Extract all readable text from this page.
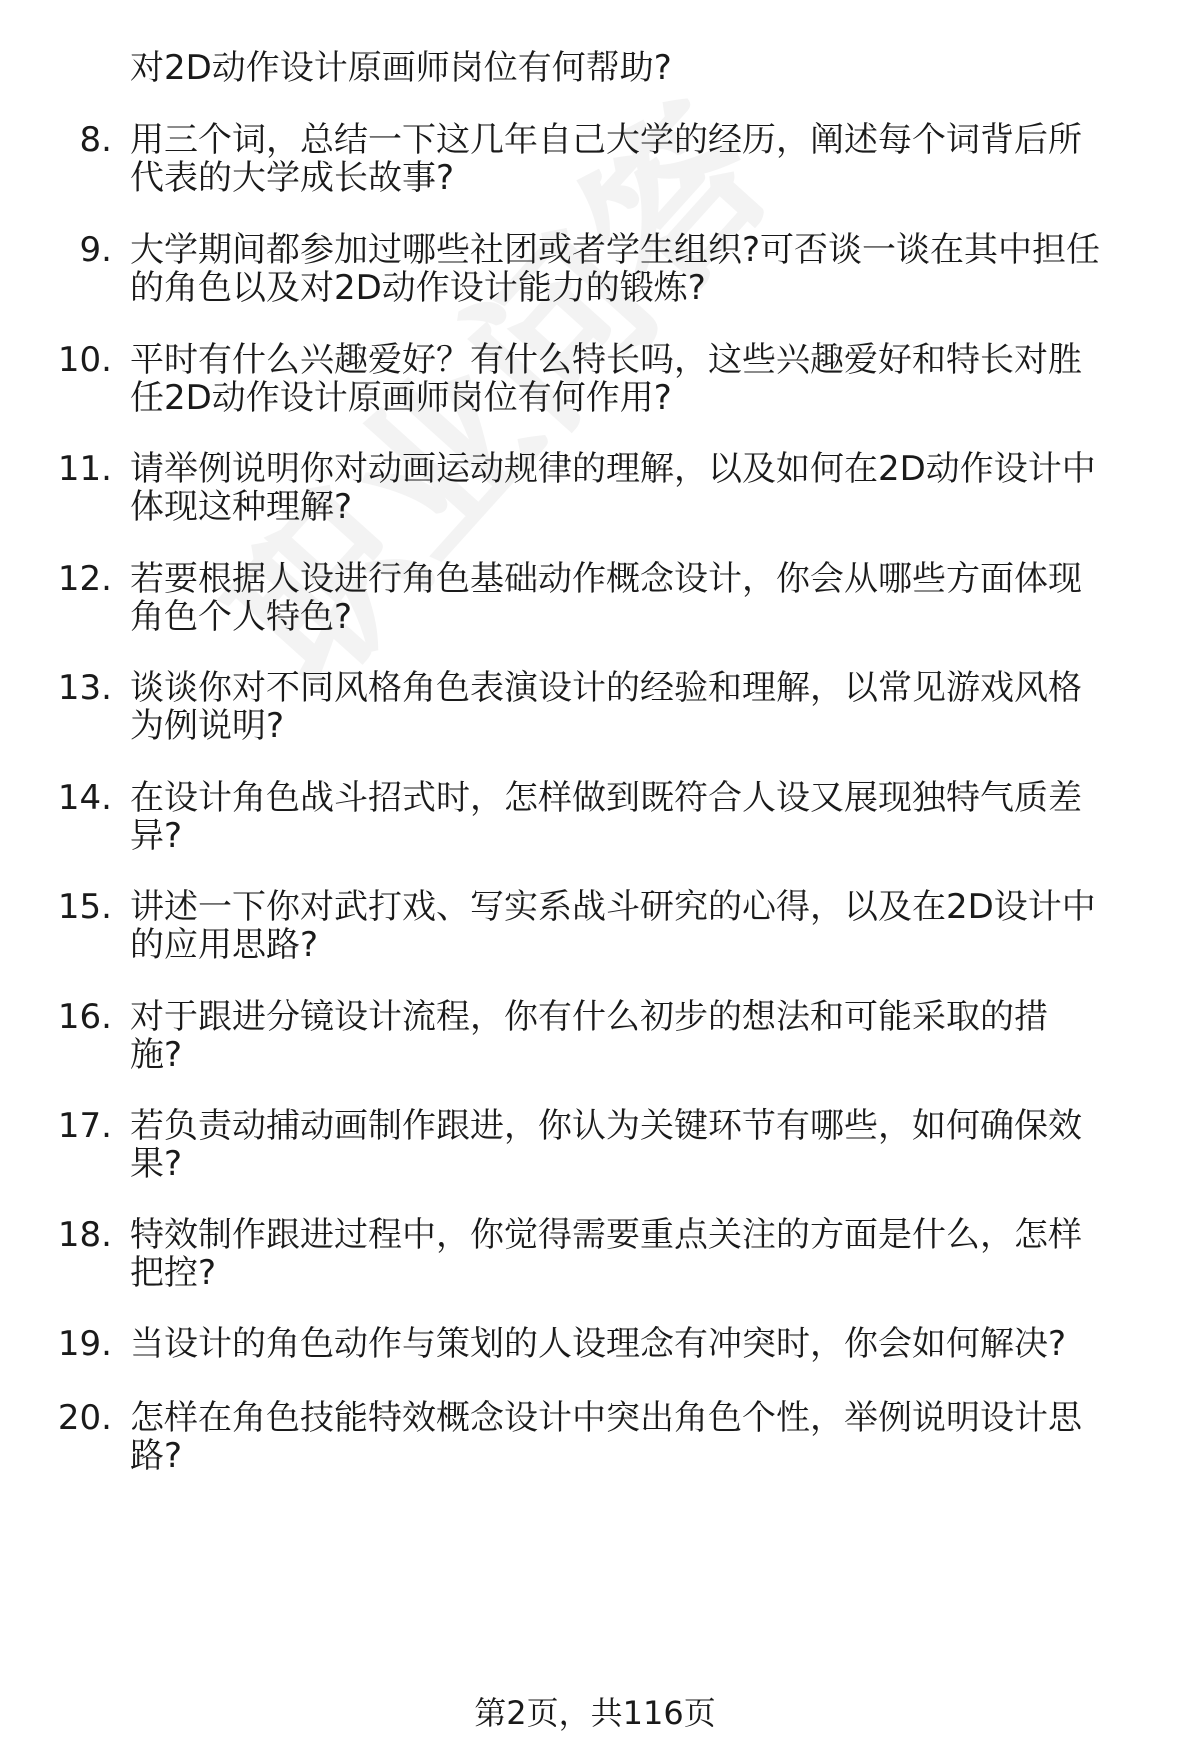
对2D动作设计原画师岗位有何帮助?
8. 用三个词，总结一下这几年自己大学的经历，阐述每个词背后所
代表的大学成长故事?
9. 大学期间都参加过哪些社团或者学生组织?可否谈一谈在其中担任
的角色以及对2D动作设计能力的锻炼?
10. 平时有什么兴趣爱好？有什么特长吗，这些兴趣爱好和特长对胜
任2D动作设计原画师岗位有何作用?
11. 请举例说明你对动画运动规律的理解，以及如何在2D动作设计中
体现这种理解?
12. 若要根据人设进行角色基础动作概念设计，你会从哪些方面体现
角色个人特色?
13. 谈谈你对不同风格角色表演设计的经验和理解，以常见游戏风格
为例说明?
14. 在设计角色战斗招式时，怎样做到既符合人设又展现独特气质差
异?
15. 讲述一下你对武打戏、写实系战斗研究的心得，以及在2D设计中
的应用思路?
16. 对于跟进分镜设计流程，你有什么初步的想法和可能采取的措
施?
17. 若负责动捕动画制作跟进，你认为关键环节有哪些，如何确保效
果?
18. 特效制作跟进过程中，你觉得需要重点关注的方面是什么，怎样
把控?
19. 当设计的角色动作与策划的人设理念有冲突时，你会如何解决?
20. 怎样在角色技能特效概念设计中突出角色个性，举例说明设计思
路?
第2页，共116页
